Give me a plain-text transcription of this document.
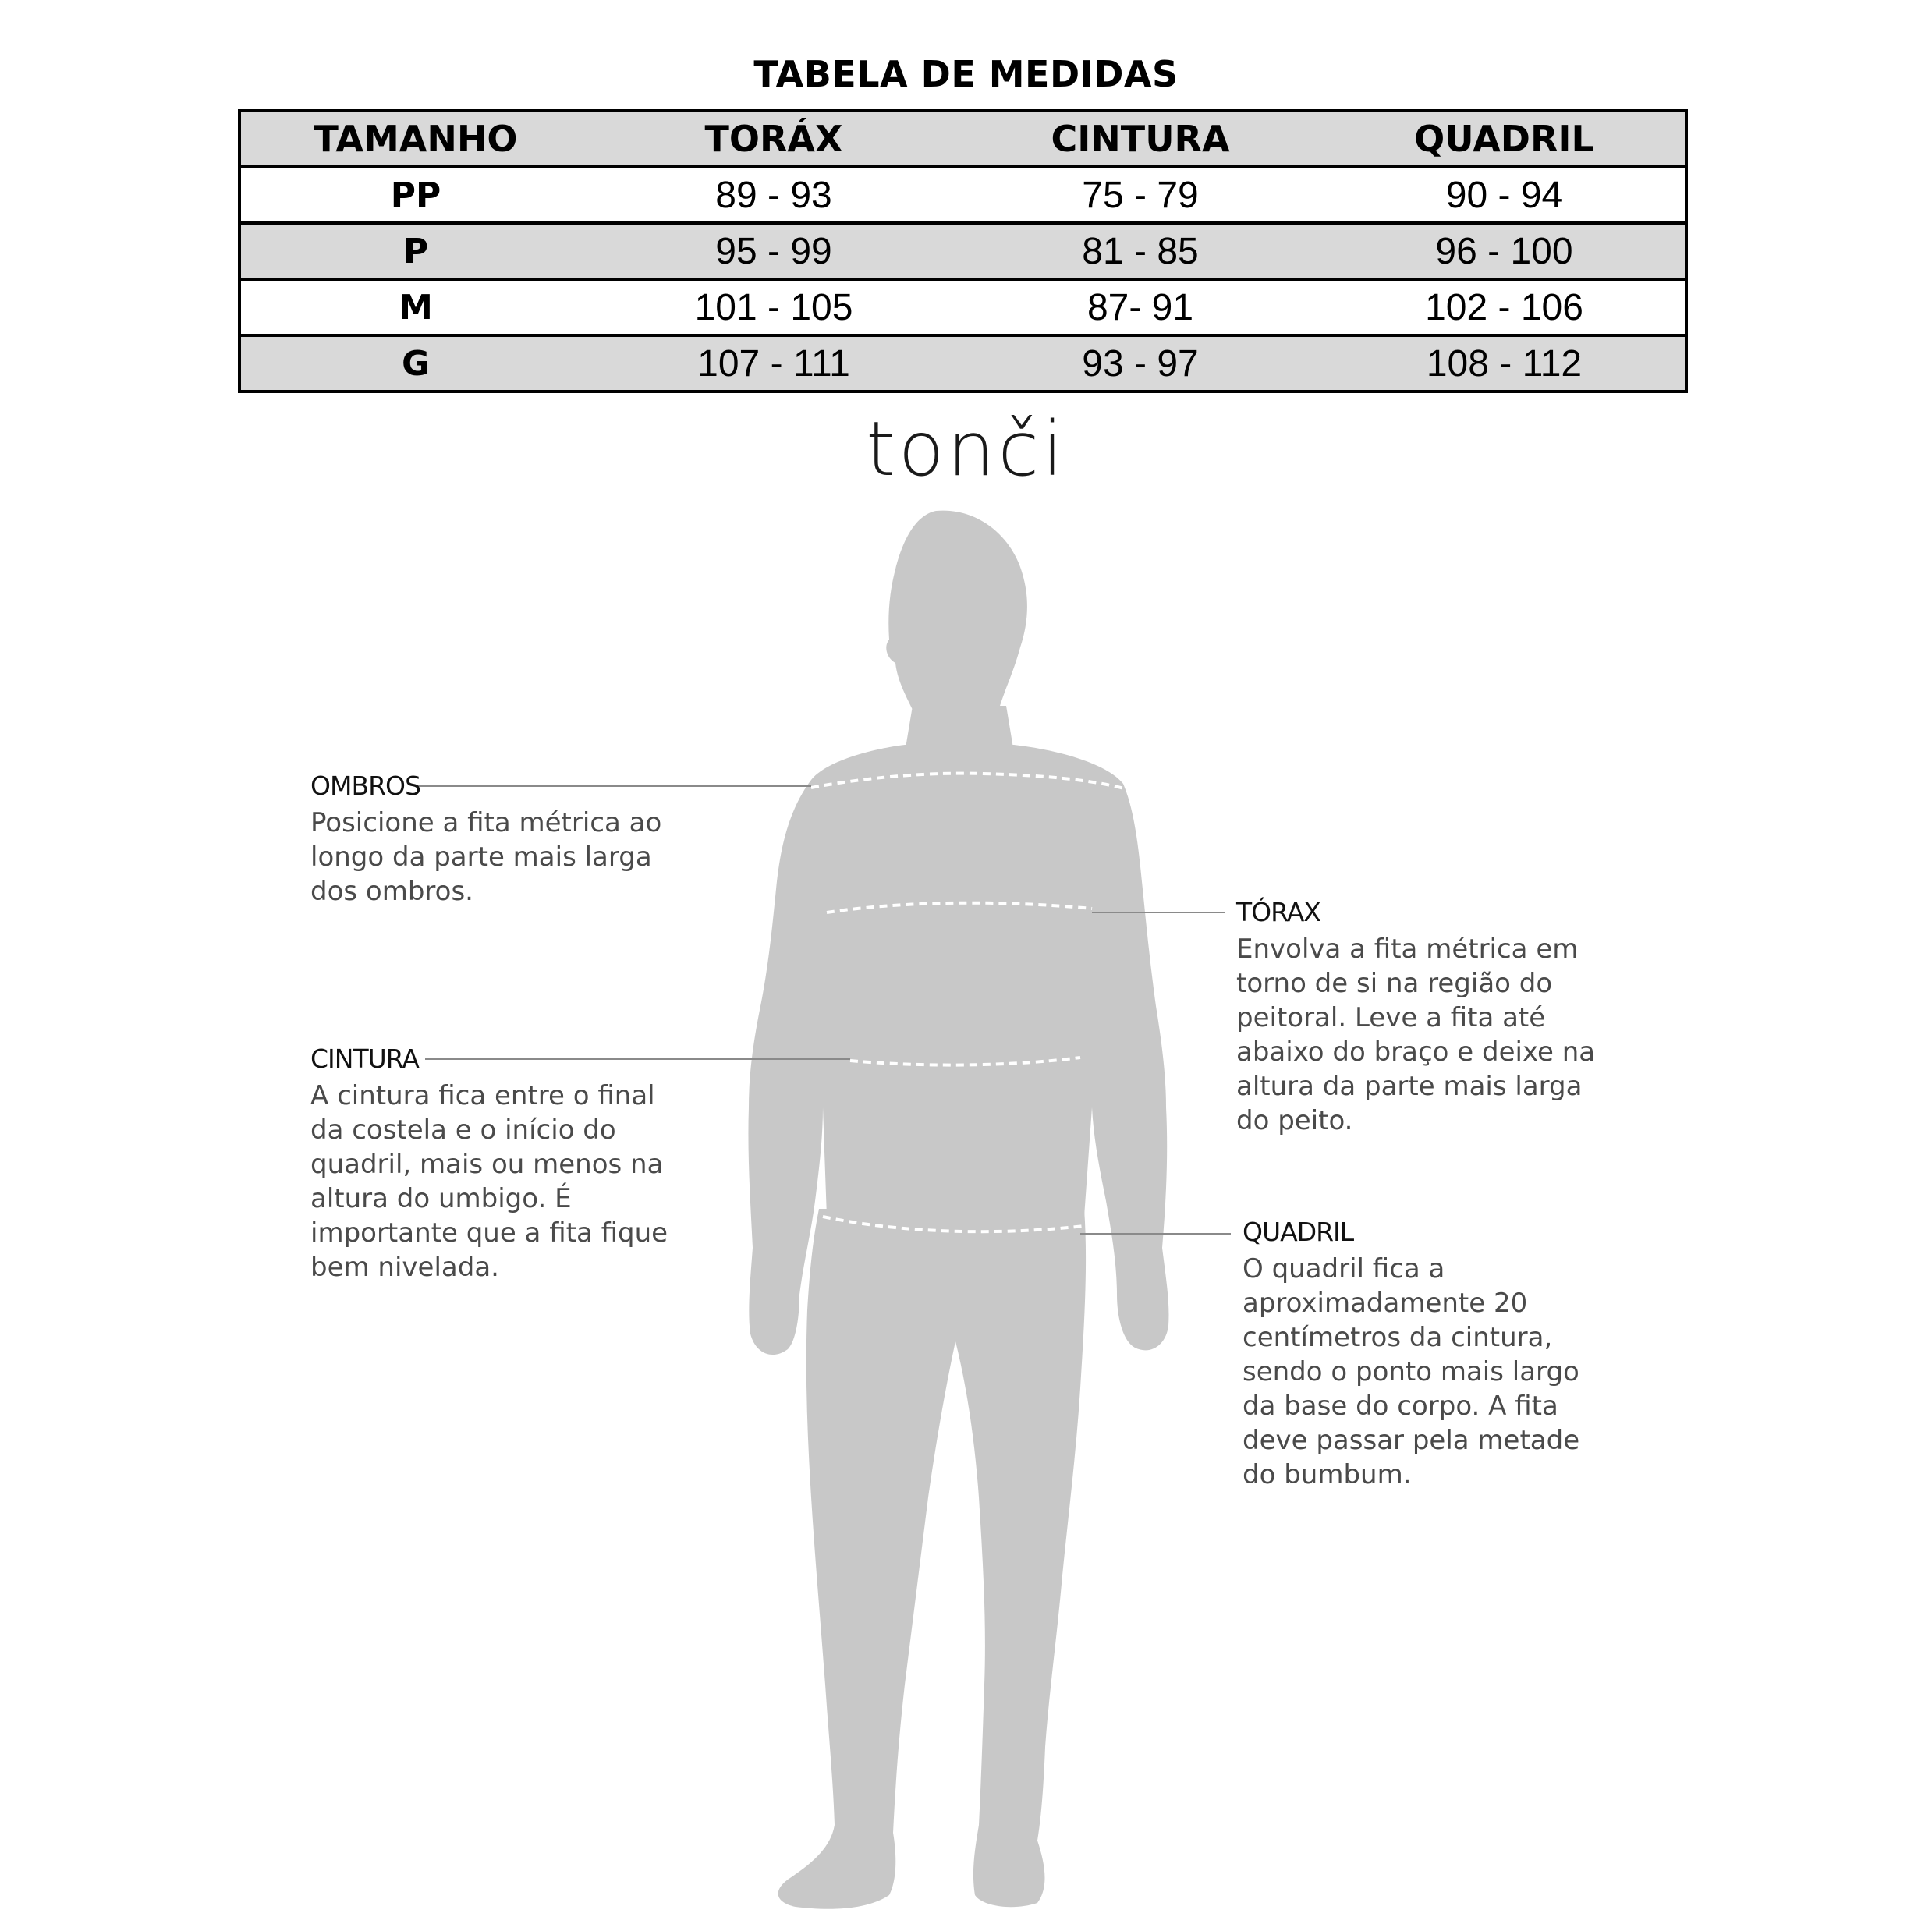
TABELA DE MEDIDAS
TAMANHO	TORÁX	CINTURA	QUADRIL
PP	89 - 93	75 - 79	90 - 94
P	95 - 99	81 - 85	96 - 100
M	101 - 105	87- 91	102 - 106
G	107 - 111	93 - 97	108 - 112
tonči
OMBROS
Posicione a fita métrica ao
longo da parte mais larga
dos ombros.
TÓRAX
Envolva a fita métrica em
torno de si na região do
peitoral. Leve a fita até
abaixo do braço e deixe na
altura da parte mais larga
do peito.
CINTURA
A cintura fica entre o final
da costela e o início do
quadril, mais ou menos na
altura do umbigo. É
importante que a fita fique
bem nivelada.
QUADRIL
O quadril fica a
aproximadamente 20
centímetros da cintura,
sendo o ponto mais largo
da base do corpo. A fita
deve passar pela metade
do bumbum.
